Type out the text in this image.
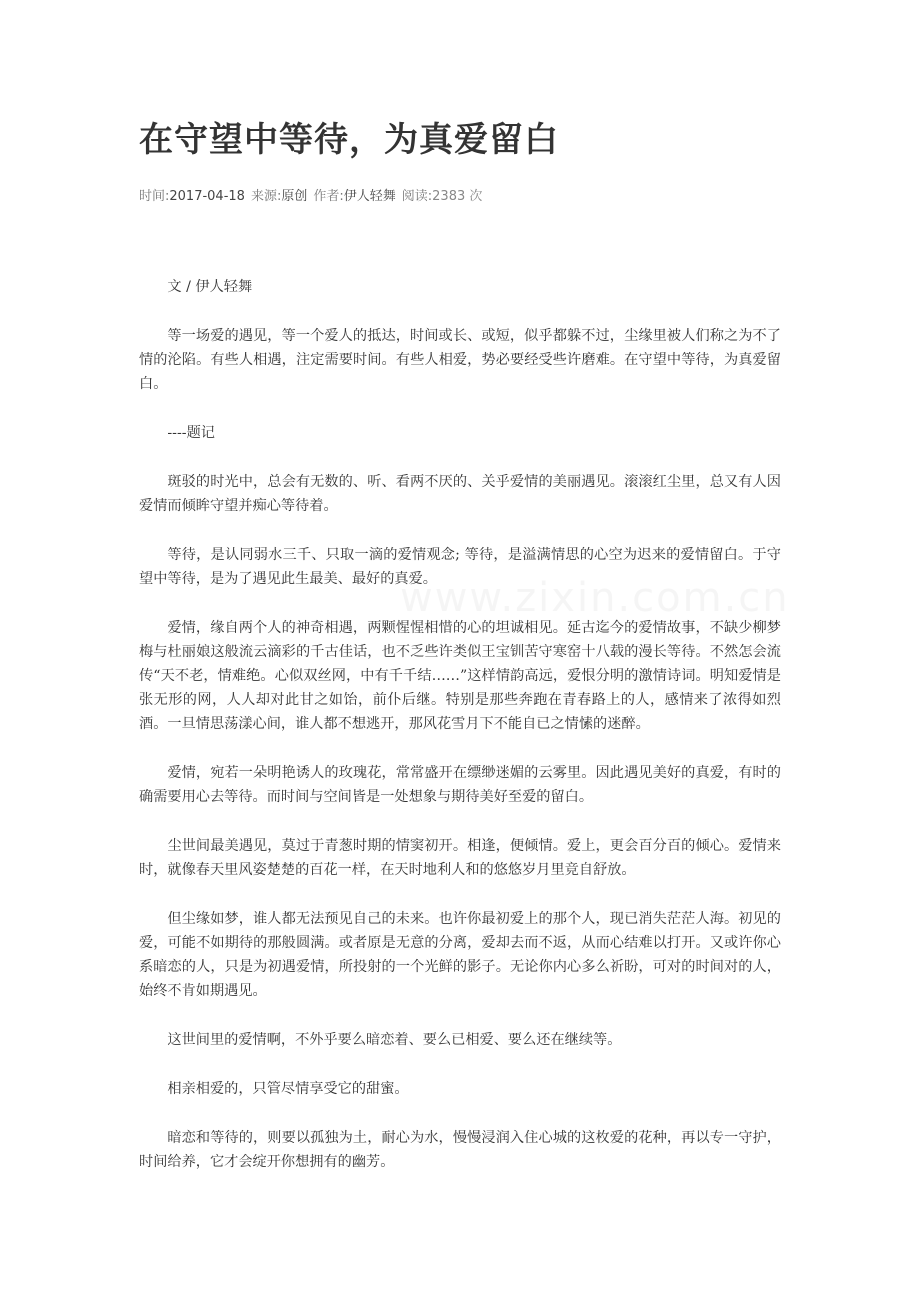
在守望中等待，为真爱留白
时间:2017-04-18 来源:原创 作者:伊人轻舞 阅读:2383 次

文 / 伊人轻舞

等一场爱的遇见，等一个爱人的抵达，时间或长、或短，似乎都躲不过，尘缘里被人们称之为不了情的沦陷。有些人相遇，注定需要时间。有些人相爱，势必要经受些许磨难。在守望中等待，为真爱留白。

----题记

斑驳的时光中，总会有无数的、听、看两不厌的、关乎爱情的美丽遇见。滚滚红尘里，总又有人因爱情而倾眸守望并痴心等待着。

等待，是认同弱水三千、只取一滴的爱情观念; 等待，是溢满情思的心空为迟来的爱情留白。于守望中等待，是为了遇见此生最美、最好的真爱。

爱情，缘自两个人的神奇相遇，两颗惺惺相惜的心的坦诚相见。延古迄今的爱情故事，不缺少柳梦梅与杜丽娘这般流云滴彩的千古佳话，也不乏些许类似王宝钏苦守寒窑十八载的漫长等待。不然怎会流传“天不老，情难绝。心似双丝网，中有千千结……”这样情韵高远，爱恨分明的激情诗词。明知爱情是张无形的网，人人却对此甘之如饴，前仆后继。特别是那些奔跑在青春路上的人，感情来了浓得如烈酒。一旦情思荡漾心间，谁人都不想逃开，那风花雪月下不能自已之情愫的迷醉。

爱情，宛若一朵明艳诱人的玫瑰花，常常盛开在缥缈迷媚的云雾里。因此遇见美好的真爱，有时的确需要用心去等待。而时间与空间皆是一处想象与期待美好至爱的留白。

尘世间最美遇见，莫过于青葱时期的情窦初开。相逢，便倾情。爱上，更会百分百的倾心。爱情来时，就像春天里风姿楚楚的百花一样，在天时地利人和的悠悠岁月里竞自舒放。

但尘缘如梦，谁人都无法预见自己的未来。也许你最初爱上的那个人，现已消失茫茫人海。初见的爱，可能不如期待的那般圆满。或者原是无意的分离，爱却去而不返，从而心结难以打开。又或许你心系暗恋的人，只是为初遇爱情，所投射的一个光鲜的影子。无论你内心多么祈盼，可对的时间对的人，始终不肯如期遇见。

这世间里的爱情啊，不外乎要么暗恋着、要么已相爱、要么还在继续等。

相亲相爱的，只管尽情享受它的甜蜜。

暗恋和等待的，则要以孤独为土，耐心为水，慢慢浸润入住心城的这枚爱的花种，再以专一守护，时间给养，它才会绽开你想拥有的幽芳。

www.zixin.com.cn
